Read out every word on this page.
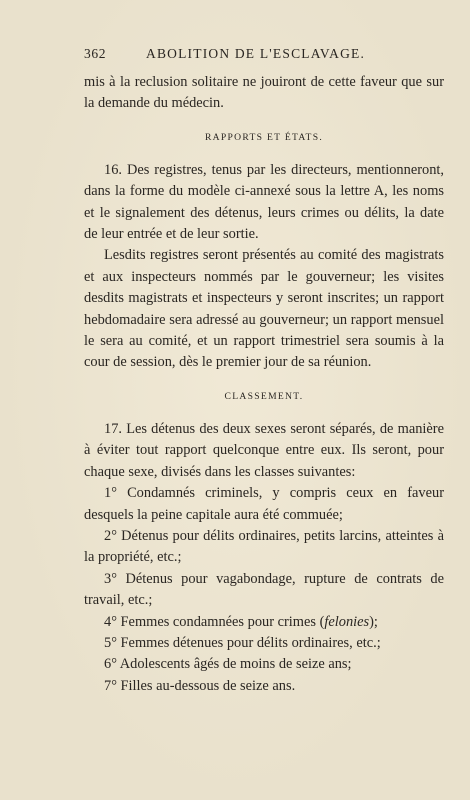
362	ABOLITION DE L'ESCLAVAGE.

mis à la reclusion solitaire ne jouiront de cette faveur que sur la demande du médecin.

RAPPORTS ET ÉTATS.

16. Des registres, tenus par les directeurs, mentionneront, dans la forme du modèle ci-annexé sous la lettre A, les noms et le signalement des détenus, leurs crimes ou délits, la date de leur entrée et de leur sortie.

Lesdits registres seront présentés au comité des magistrats et aux inspecteurs nommés par le gouverneur; les visites desdits magistrats et inspecteurs y seront inscrites; un rapport hebdomadaire sera adressé au gouverneur; un rapport mensuel le sera au comité, et un rapport trimestriel sera soumis à la cour de session, dès le premier jour de sa réunion.

CLASSEMENT.

17. Les détenus des deux sexes seront séparés, de manière à éviter tout rapport quelconque entre eux. Ils seront, pour chaque sexe, divisés dans les classes suivantes:

1° Condamnés criminels, y compris ceux en faveur desquels la peine capitale aura été commuée;

2° Détenus pour délits ordinaires, petits larcins, atteintes à la propriété, etc.;

3° Détenus pour vagabondage, rupture de contrats de travail, etc.;

4° Femmes condamnées pour crimes (felonies);

5° Femmes détenues pour délits ordinaires, etc.;

6° Adolescents âgés de moins de seize ans;

7° Filles au-dessous de seize ans.
